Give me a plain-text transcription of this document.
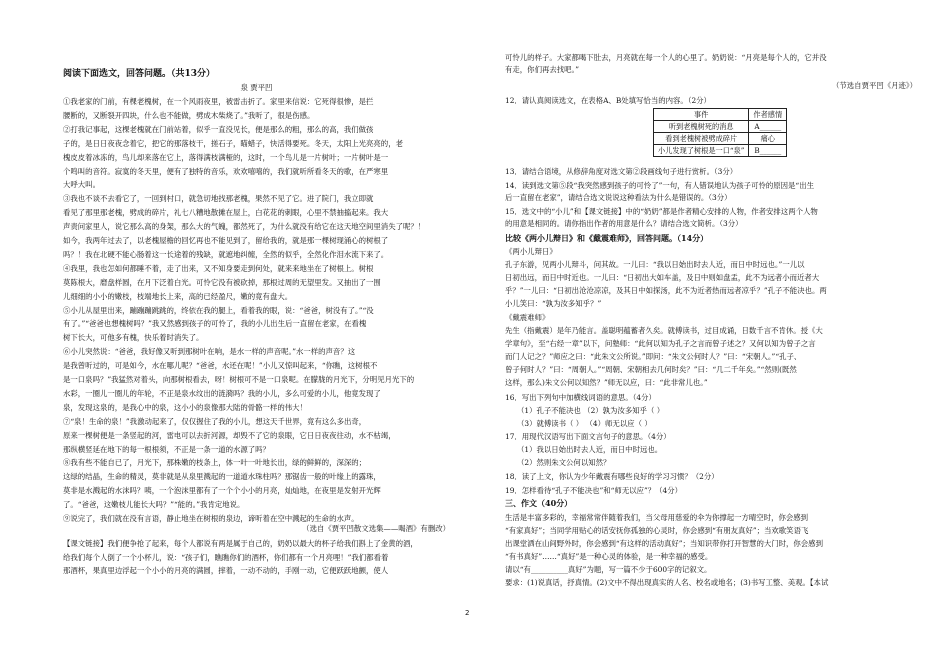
阅读下面选文，回答问题。（共13分）
泉 贾平凹
①我老家的门前，有棵老槐树，在一个风雨夜里，被雷击折了。家里来信说：它死得很惨，是拦
腰断的，又断裂开四块，什么也不能做，劈成木柴烧了。”我听了，很是伤感。
②打我记事起，这棵老槐就在门前站着，似乎一直没见长，便是那么的粗，那么的高，我们做孩
子的，是日日夜夜念着它，把它的那落枝干，搓石子，瞄蜡子，快活得要死。冬天，太阳上光亮亮的，老
槐皮皮着冰冻的，鸟儿却来落在它上，落得满枝满桠的，这时，一个鸟儿是一片树叶；一片树叶是一
个鸣叫的音符。寂寞的冬天里，便有了独特的音乐，欢欢嘻嘻的，我们就听所看冬天的歌，在严寒里
大呼大叫。
③我也不谈不去看它了，一回到村口，就急切地找那老槐，果然不见了它。进了院门，我立即就
看见了那里那老槐，劈成的碎片，礼七八糟地散摊在屋上，白花花的刺眼，心里不禁抽搐起来。我大
声责问家里人，说它那么高的身架，那么大的气魄，都然死了，为什么就没有给它在这天地空间里消失了呢？！
如今，我两年过去了，以老槐屋檐的回忆再也不能见到了，留给我的，就是那一棵树现涌心的树根了
吗？！我在北硬不能心肠着这一长途着的残缺，就遮地纠缠，全然的似乎，全然化作泪水流下来了。
④我里，我也怎如何都睡不着，走了出来，又不知身要走到何处，就来来地坐在了树根上。树根
莫陈根大，磨盘样圆，在月下泛着白光。可怜它没有被砍掉，那根过周的无望里发。又抽出了一围
儿细细的小小的嫩枝，枝端地长上来，高的已经盈尺，嫩的竟有盘大。
⑤小儿从屋里出来，蹦蹦蹦跳跳的，终依在我的腿上，看着我的眼，说：“爸爸，树没有了。”“没
有了。”“爸爸也想槐树吗？”我又然感到孩子的可怜了，我的小儿出生后一直留在老家，在看槐
树下长大，可他多有槐，快乐着时消失了。
⑥小儿突然说：“爸爸，我好像又听到那树叶在响，是水一样的声音呢。”水一样的声音？这
是我曾听过的，可是如今，水在哪儿呢？“爸爸，水还在呢！”小儿又惊叫起来，“你瞧，这树根不
是一口泉吗？”我猛然对着头，向那树根看去，呀！树根可不是一口泉呢。在朦胧的月光下，分明见月光下的
水彩，一圈儿一圈儿的年轮，不正是泉水纹出的涟漪吗？我的小儿，多么可爱的小儿，他竟发现了
泉，发现这泉的，是我心中的泉，这小小的泉像那大陆的骨骼一样的伟大！
⑦“泉！生命的泉！”我激动起来了，仅仅握住了我的小儿，想这天千世界，竟有这么多出奇，
原来一棵树便是一条竖起的河，雷电可以去折河源，却毁不了它的泉眼，它日日夜夜往动，水不枯竭，
那纵横竖延在地下的每一根根须，不正是一条一道的水源了吗？
⑧我有些不能自已了，月光下，那株嫩的枝条上，体一叶一叶地长出，绿的鲜鲜的，深深的；
这绿的结晶，生命的精灵，莫非就是从泉里溅起的一道道水珠柱吗？那锯齿一般的叶缘上的露珠，
莫非是水溅起的水沫吗？咦，一个泡沫里都有了一个个小小的月亮，灿灿地，在夜里是发射开光辉
了。“爸爸，这嫩枝儿能长大吗？”“能的。”我肯定地说。
⑨说完了，我们就在没有言语，静止地坐在树根的泉边，谛听着在空中溅起的生命的水声。
（选自《贾平凹散文选集——喝酒》有删改）
【课文链接】我们便争抢了起来，每个人都说有两是属于自己的，奶奶以最大的杯子给我们斟上了金黄的酒，
给我们每个人倒了一个小杯儿，说：“孩子们，瞧瞧你们的酒杯，你们都有一个月亮哩！”我们都看着
那酒杯，果真里边浮起一个小小的月亮的满圆，摔着，一动不动的，手刚一动，它便跃跃地颤，使人
可怜儿的样子。大家都喝下肚去，月亮就在每一个人的心里了。奶奶说：“月亮是每个人的，它并没
有走，你们再去找吧。”
（节选自贾平凹《月迹》）
12．请认真阅读选文，在表格A、B处填写恰当的内容。（2分）
事件	作者感情
听到老槐树死的消息	A______
看到老槐树被劈成碎片	痛心
小儿发现了树根是一口“泉”	B______
13．请结合语境，从修辞角度对选文第②段画线句子进行赏析。（3分）
14．读到选文第⑤段“我突然感到孩子的可怜了”一句，有人错误地认为孩子可怜的原因是“出生
后一直留在老家”，请结合选文说说这种看法为什么是错误的。（3分）
15．选文中的“小儿”和【课文链接】中的“奶奶”都是作者精心安排的人物，作者安排这两个人物
的用意是相同的。请你指出作者的用意是什么？请结合选文简析。（3分）
比较《两小儿辩日》和《戴震难师》，回答问题。（14分）
《两小儿辩日》
孔子东游，见两小儿辩斗，问其故。一儿曰：“我以日始出时去人近，而日中时远也。”一儿以
日初出远，而日中时近也。一儿曰：“日初出大如车盖，及日中则如盘盂，此不为远者小而近者大
乎？”一儿曰：“日初出沧沧凉凉，及其日中如探汤，此不为近者热而远者凉乎？”孔子不能决也。两
小儿笑曰：“孰为汝多知乎？”
《戴震难师》
先生（指戴震）是年乃能言。盖聪明蕴蓄者久矣。就傅读书，过目成诵，日数千言不肯休。授《大
学章句》，至“右经一章”以下，问塾师：“此何以知为孔子之言而曾子述之？又何以知为曾子之言
而门人记之？”师应之曰：“此朱文公所说。”即问：“朱文公何时人？”曰：“宋朝人。”“孔子、
曾子何时人？”曰：“周朝人。”“周朝、宋朝相去几何时矣？”曰：“几二千年矣。”“然则(既然
这样，那么)朱文公何以知然？”师无以应，曰：“此非常儿也。”
16．写出下列句中加横线词语的意思。（4分）
（1）孔子不能决也 （2）孰为汝多知乎（ ）
（3）就傅读书（ ） （4）师无以应（ ）
17．用现代汉语写出下面文言句子的意思。（4分）
（1）我以日始出时去人近，而日中时远也。
（2）然则朱文公何以知然？
18．读了上文，你认为少年戴震有哪些良好的学习习惯？（2分）
19．怎样看待“孔子不能决也”和“师无以应”？（4分）
三、作文（40分）
生活是丰富多彩的，幸福常常伴随着我们，当父母用慈爱的伞为你撑起一方晴空时，你会感到
“有家真好”；当同学用贴心的话安抚你孤独的心灵时，你会感到“有朋友真好”；当欢歌笑语飞
出课堂洒在山间野外时，你会感到“有这样的活动真好”；当知识带你打开智慧的大门时，你会感到
“有书真好”……“真好”是一种心灵的体验，是一种幸福的感受。
请以“有__________真好”为题，写一篇不少于600字的记叙文。
要求：(1)说真话，抒真情。(2)文中不得出现真实的人名、校名或地名；(3)书写工整、美观。【本试
2
